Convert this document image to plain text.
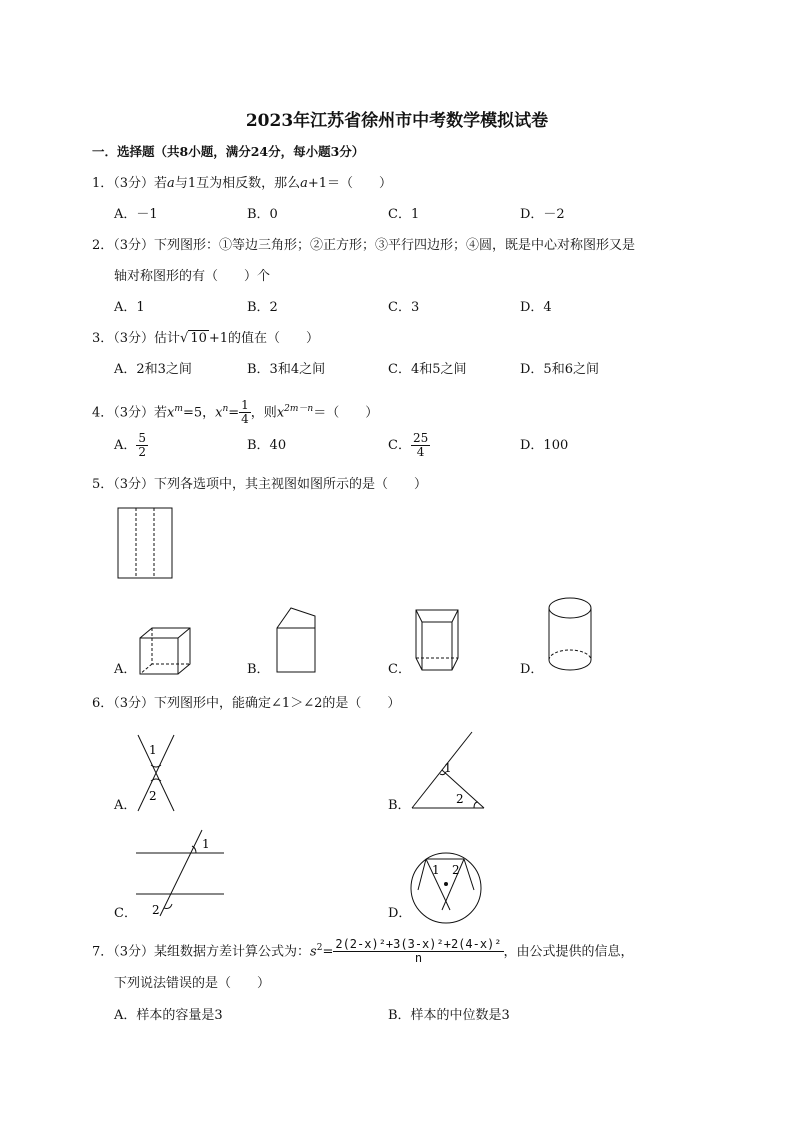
2023年江苏省徐州市中考数学模拟试卷
一．选择题（共8小题，满分24分，每小题3分）
1．（3分）若a与1互为相反数，那么a+1＝（　　）
A．－1	B．0	C．1	D．－2
2．（3分）下列图形：①等边三角形；②正方形；③平行四边形；④圆，既是中心对称图形又是
轴对称图形的有（　　）个
A．1	B．2	C．3	D．4
3．（3分）估计√ 10 +1的值在（　　）
A．2和3之间	B．3和4之间	C．4和5之间	D．5和6之间
4．（3分）若$x^m=5$，$x^n= \frac{1}{4}$ ，则$x^{2m-n}=$（　　）
A． $\frac{5}{2}$	B．40	C． $\frac{25}{4}$	D．100
5．（3分）下列各选项中，其主视图如图所示的是（　　）
A．	B．	C．	D．
6．（3分）下列图形中，能确定∠1＞∠2的是（　　）
1
2
A．
1
2
B．
1
2
C．
1 2
D．
7．（3分）某组数据方差计算公式为：$s^2= \frac{\text{2(2-x)²+3(3-x)²+2(4-x)²}}{n}$ ，由公式提供的信息，
下列说法错误的是（　　）
A．样本的容量是3	B．样本的中位数是3
